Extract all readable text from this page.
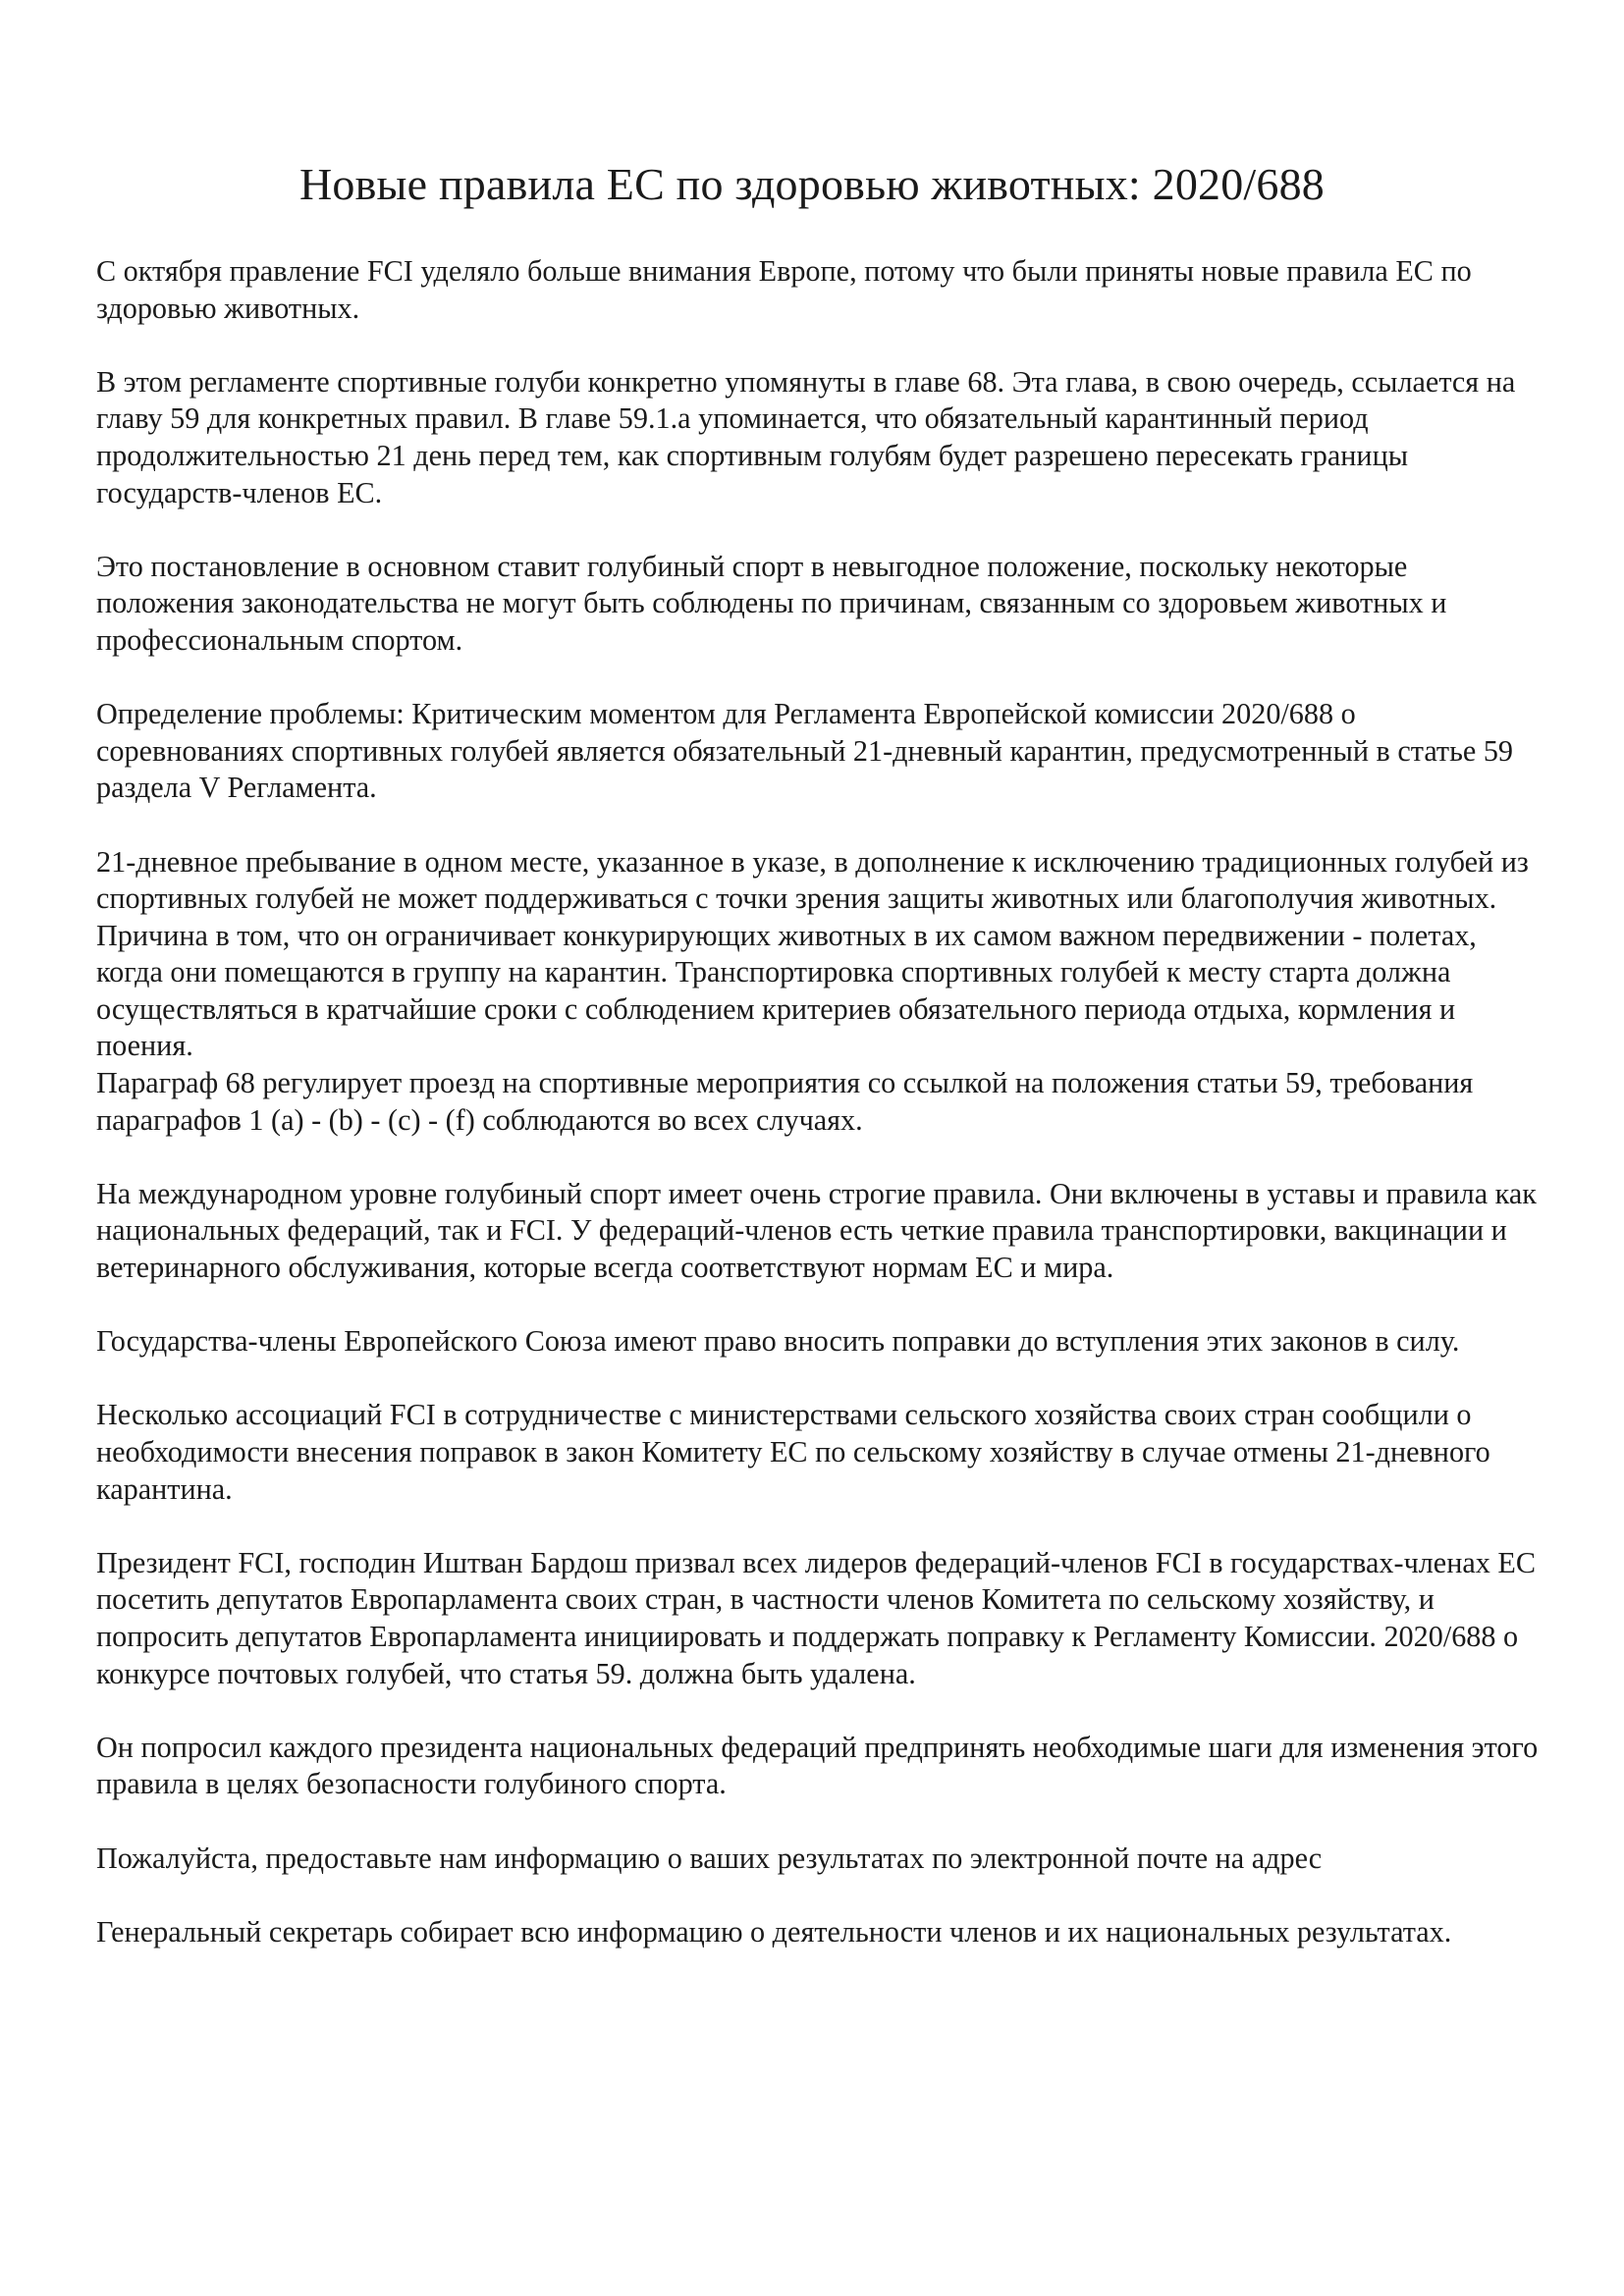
Новые правила ЕС по здоровью животных: 2020/688

С октября правление FCI уделяло больше внимания Европе, потому что были приняты новые правила ЕС по здоровью животных.

В этом регламенте спортивные голуби конкретно упомянуты в главе 68. Эта глава, в свою очередь, ссылается на главу 59 для конкретных правил. В главе 59.1.a упоминается, что обязательный карантинный период продолжительностью 21 день перед тем, как спортивным голубям будет разрешено пересекать границы государств-членов ЕС.

Это постановление в основном ставит голубиный спорт в невыгодное положение, поскольку некоторые положения законодательства не могут быть соблюдены по причинам, связанным со здоровьем животных и профессиональным спортом.

Определение проблемы: Критическим моментом для Регламента Европейской комиссии 2020/688 о соревнованиях спортивных голубей является обязательный 21-дневный карантин, предусмотренный в статье 59 раздела V Регламента.

21-дневное пребывание в одном месте, указанное в указе, в дополнение к исключению традиционных голубей из спортивных голубей не может поддерживаться с точки зрения защиты животных или благополучия животных. Причина в том, что он ограничивает конкурирующих животных в их самом важном передвижении - полетах, когда они помещаются в группу на карантин. Транспортировка спортивных голубей к месту старта должна осуществляться в кратчайшие сроки с соблюдением критериев обязательного периода отдыха, кормления и поения.

Параграф 68 регулирует проезд на спортивные мероприятия со ссылкой на положения статьи 59, требования параграфов 1 (a) - (b) - (c) - (f) соблюдаются во всех случаях.

На международном уровне голубиный спорт имеет очень строгие правила. Они включены в уставы и правила как национальных федераций, так и FCI. У федераций-членов есть четкие правила транспортировки, вакцинации и ветеринарного обслуживания, которые всегда соответствуют нормам ЕС и мира.

Государства-члены Европейского Союза имеют право вносить поправки до вступления этих законов в силу.

Несколько ассоциаций FCI в сотрудничестве с министерствами сельского хозяйства своих стран сообщили о необходимости внесения поправок в закон Комитету ЕС по сельскому хозяйству в случае отмены 21-дневного карантина.

Президент FCI, господин Иштван Бардош призвал всех лидеров федераций-членов FCI в государствах-членах ЕС посетить депутатов Европарламента своих стран, в частности членов Комитета по сельскому хозяйству, и попросить депутатов Европарламента инициировать и поддержать поправку к Регламенту Комиссии. 2020/688 о конкурсе почтовых голубей, что статья 59. должна быть удалена.

Он попросил каждого президента национальных федераций предпринять необходимые шаги для изменения этого правила в целях безопасности голубиного спорта.

Пожалуйста, предоставьте нам информацию о ваших результатах по электронной почте на адрес

Генеральный секретарь собирает всю информацию о деятельности членов и их национальных результатах.
